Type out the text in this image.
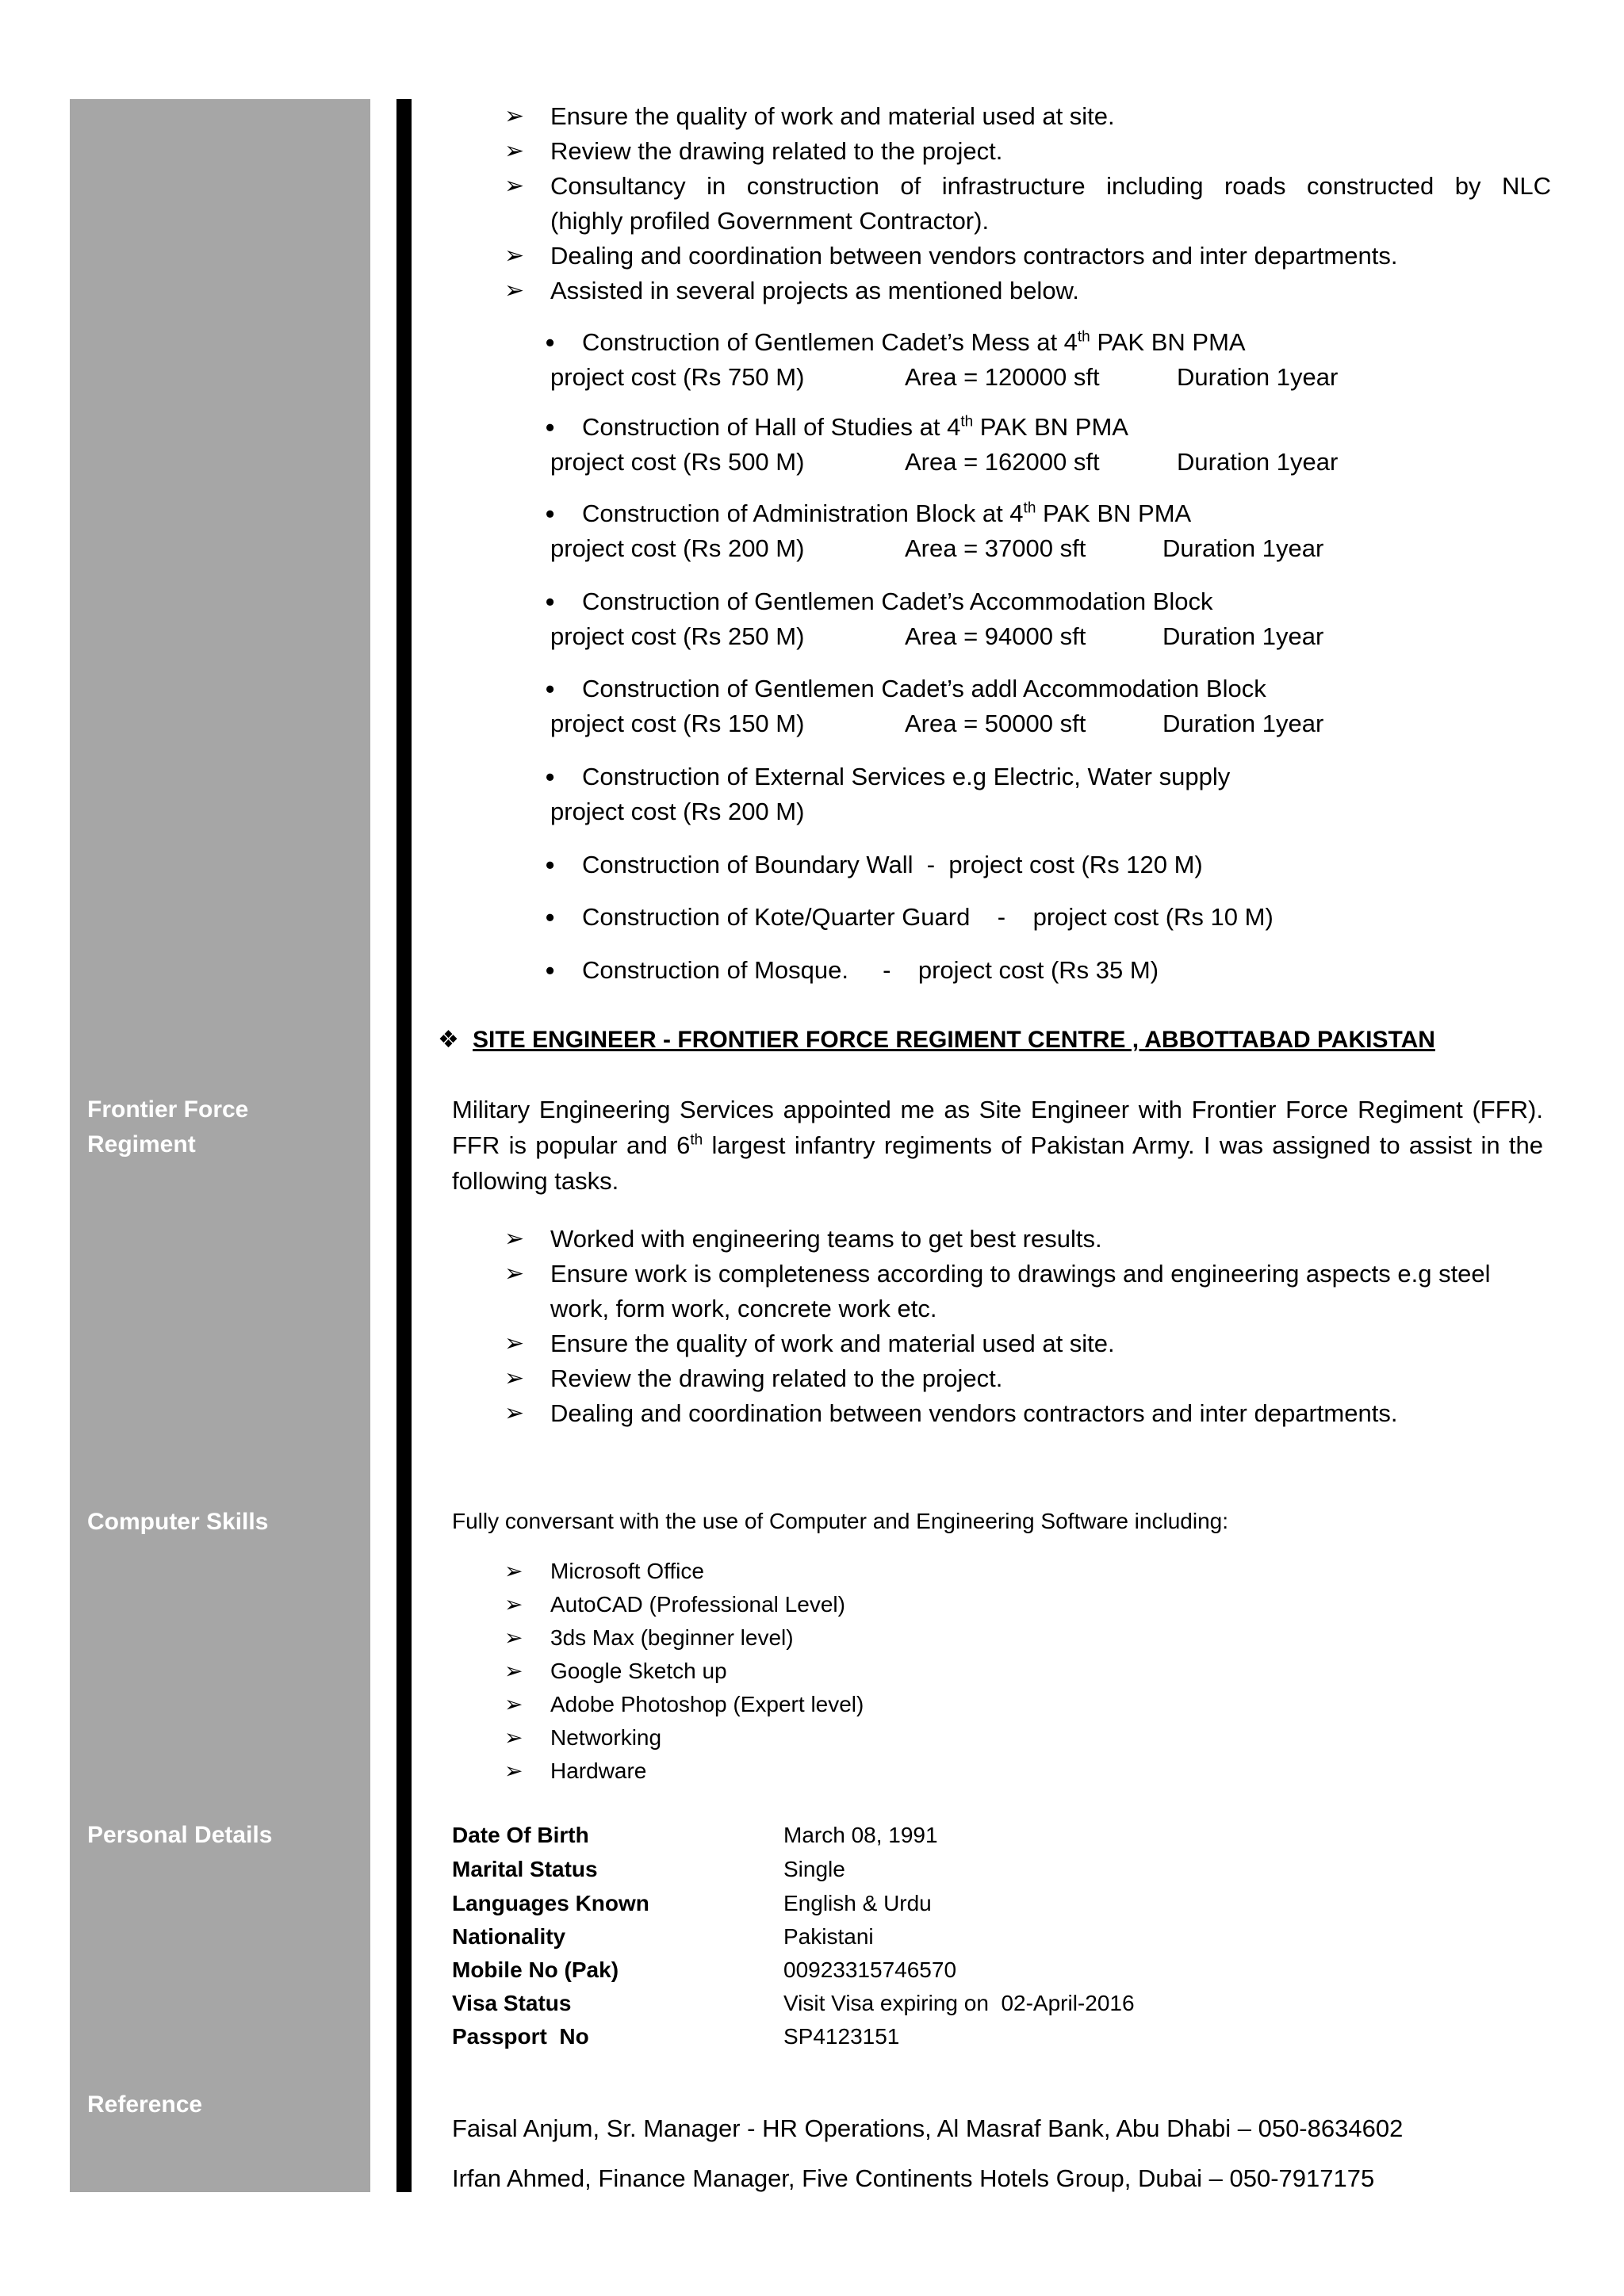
Frontier Force
Regiment
Computer Skills
Personal Details
Reference
➢ Ensure the quality of work and material used at site.
➢ Review the drawing related to the project.
➢ Consultancy in construction of infrastructure including roads constructed by NLC
(highly profiled Government Contractor).
➢ Dealing and coordination between vendors contractors and inter departments.
➢ Assisted in several projects as mentioned below.
• Construction of Gentlemen Cadet’s Mess at 4th PAK BN PMA
project cost (Rs 750 M)	Area = 120000 sft	Duration 1year
• Construction of Hall of Studies at 4th PAK BN PMA
project cost (Rs 500 M)	Area = 162000 sft	Duration 1year
• Construction of Administration Block at 4th PAK BN PMA
project cost (Rs 200 M)	Area = 37000 sft	Duration 1year
• Construction of Gentlemen Cadet’s Accommodation Block
project cost (Rs 250 M)	Area = 94000 sft	Duration 1year
• Construction of Gentlemen Cadet’s addl Accommodation Block
project cost (Rs 150 M)	Area = 50000 sft	Duration 1year
• Construction of External Services e.g Electric, Water supply
project cost (Rs 200 M)
• Construction of Boundary Wall  -  project cost (Rs 120 M)
• Construction of Kote/Quarter Guard    -    project cost (Rs 10 M)
• Construction of Mosque.     -    project cost (Rs 35 M)
❖ SITE ENGINEER - FRONTIER FORCE REGIMENT CENTRE , ABBOTTABAD PAKISTAN
Military Engineering Services appointed me as Site Engineer with Frontier Force Regiment (FFR). FFR is popular and 6th largest infantry regiments of Pakistan Army. I was assigned to assist in the following tasks.
➢ Worked with engineering teams to get best results.
➢ Ensure work is completeness according to drawings and engineering aspects e.g steel
work, form work, concrete work etc.
➢ Ensure the quality of work and material used at site.
➢ Review the drawing related to the project.
➢ Dealing and coordination between vendors contractors and inter departments.
Fully conversant with the use of Computer and Engineering Software including:
➢ Microsoft Office
➢ AutoCAD (Professional Level)
➢ 3ds Max (beginner level)
➢ Google Sketch up
➢ Adobe Photoshop (Expert level)
➢ Networking
➢ Hardware
Date Of Birth	March 08, 1991
Marital Status	Single
Languages Known	English & Urdu
Nationality	Pakistani
Mobile No (Pak)	00923315746570
Visa Status	Visit Visa expiring on  02-April-2016
Passport  No	SP4123151
Faisal Anjum, Sr. Manager - HR Operations, Al Masraf Bank, Abu Dhabi – 050-8634602
Irfan Ahmed, Finance Manager, Five Continents Hotels Group, Dubai – 050-7917175
